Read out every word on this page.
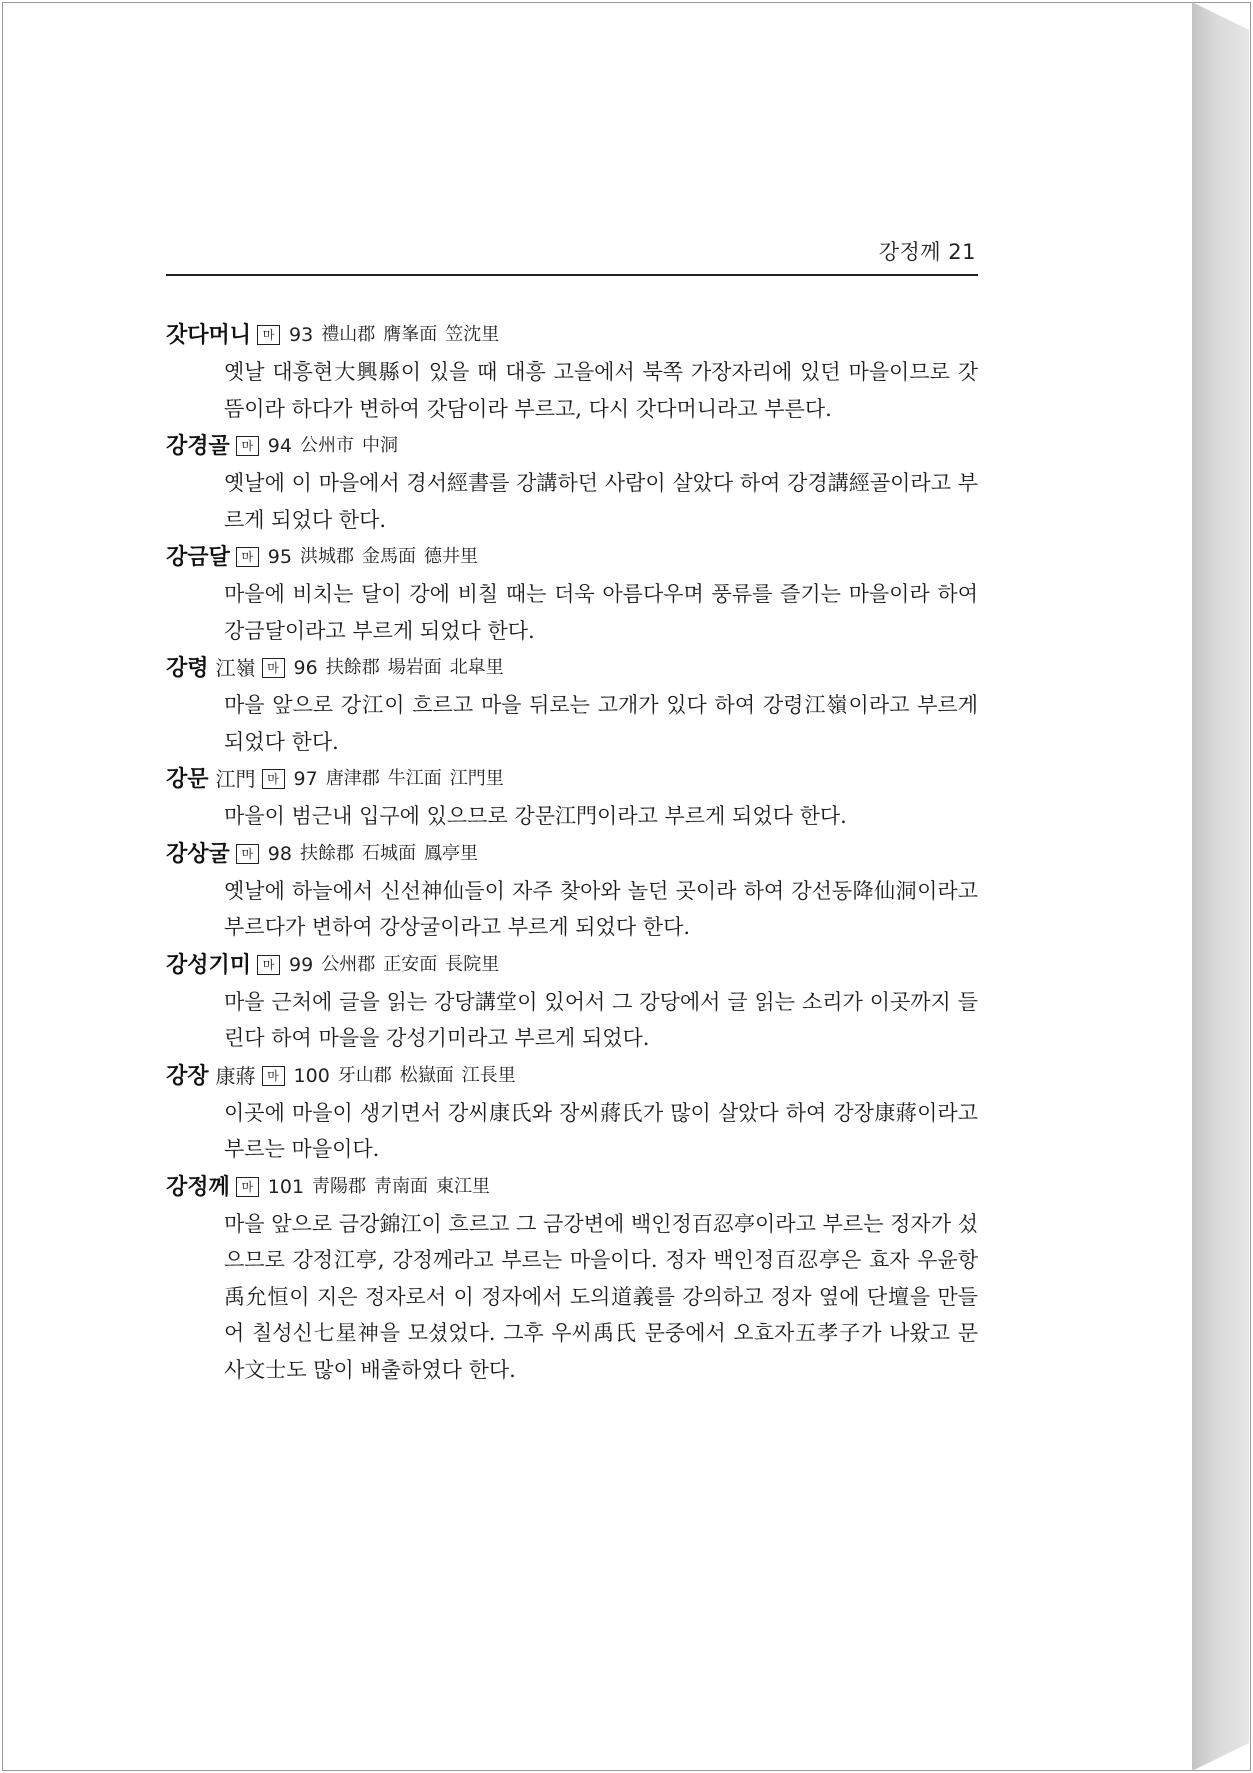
강정께 21
갓다머니 마 93 禮山郡 膺峯面 笠沈里

옛날 대흥현大興縣이 있을 때 대흥 고을에서 북쪽 가장자리에 있던 마을이므로 갓뜸이라 하다가 변하여 갓담이라 부르고, 다시 갓다머니라고 부른다.

강경골 마 94 公州市 中洞

옛날에 이 마을에서 경서經書를 강講하던 사람이 살았다 하여 강경講經골이라고 부르게 되었다 한다.

강금달 마 95 洪城郡 金馬面 德井里

마을에 비치는 달이 강에 비칠 때는 더욱 아름다우며 풍류를 즐기는 마을이라 하여 강금달이라고 부르게 되었다 한다.

강령 江嶺 마 96 扶餘郡 場岩面 北皐里

마을 앞으로 강江이 흐르고 마을 뒤로는 고개가 있다 하여 강령江嶺이라고 부르게 되었다 한다.

강문 江門 마 97 唐津郡 牛江面 江門里

마을이 범근내 입구에 있으므로 강문江門이라고 부르게 되었다 한다.

강상굴 마 98 扶餘郡 石城面 鳳亭里

옛날에 하늘에서 신선神仙들이 자주 찾아와 놀던 곳이라 하여 강선동降仙洞이라고 부르다가 변하여 강상굴이라고 부르게 되었다 한다.

강성기미 마 99 公州郡 正安面 長院里

마을 근처에 글을 읽는 강당講堂이 있어서 그 강당에서 글 읽는 소리가 이곳까지 들린다 하여 마을을 강성기미라고 부르게 되었다.

강장 康蔣 마 100 牙山郡 松嶽面 江長里

이곳에 마을이 생기면서 강씨康氏와 장씨蔣氏가 많이 살았다 하여 강장康蔣이라고 부르는 마을이다.

강정께 마 101 靑陽郡 靑南面 東江里

마을 앞으로 금강錦江이 흐르고 그 금강변에 백인정百忍亭이라고 부르는 정자가 섰으므로 강정江亭, 강정께라고 부르는 마을이다. 정자 백인정百忍亭은 효자 우윤항禹允恒이 지은 정자로서 이 정자에서 도의道義를 강의하고 정자 옆에 단壇을 만들어 칠성신七星神을 모셨었다. 그후 우씨禹氏 문중에서 오효자五孝子가 나왔고 문사文士도 많이 배출하였다 한다.
